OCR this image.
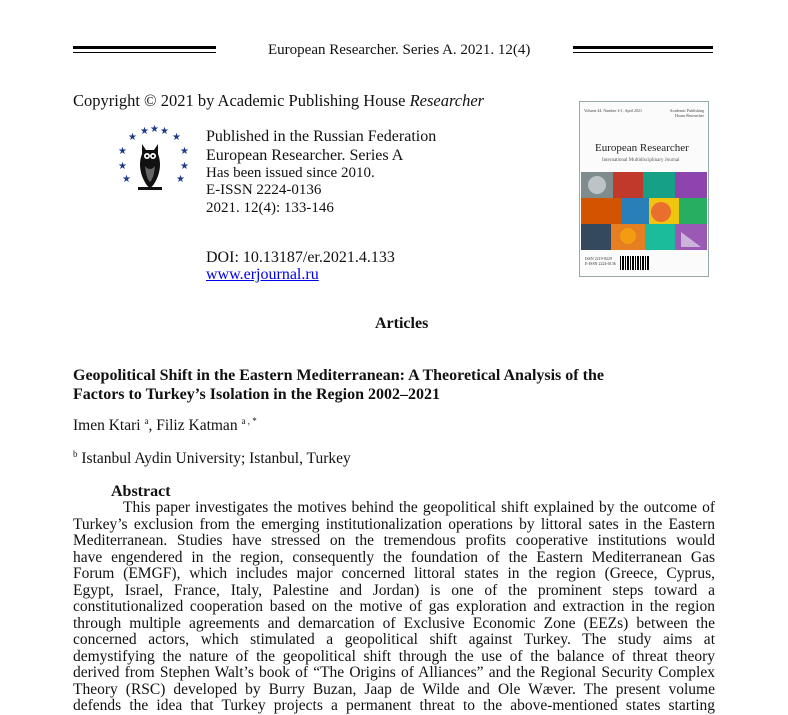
European Researcher. Series A. 2021. 12(4)
Copyright © 2021 by Academic Publishing House Researcher
★ ★ ★
★	★
★	★
★	★
★	★
Published in the Russian Federation
European Researcher. Series A
Has been issued since 2010.
E-ISSN 2224-0136
2021. 12(4): 133-146
Volume 44. Number 4-1, April 2021	Academic Publishing House Researcher
European Researcher
International Multidisciplinary Journal
ISSN 2219-8229
E-ISSN 2224-0136
DOI: 10.13187/er.2021.4.133
www.erjournal.ru
Articles
Geopolitical Shift in the Eastern Mediterranean: A Theoretical Analysis of the
Factors to Turkey’s Isolation in the Region 2002–2021
Imen Ktari $^a$, Filiz Katman $^{a , *}$
$^b$ Istanbul Aydin University; Istanbul, Turkey
Abstract
This paper investigates the motives behind the geopolitical shift explained by the outcome of
Turkey’s exclusion from the emerging institutionalization operations by littoral sates in the Eastern
Mediterranean. Studies have stressed on the tremendous profits cooperative institutions would
have engendered in the region, consequently the foundation of the Eastern Mediterranean Gas
Forum (EMGF), which includes major concerned littoral states in the region (Greece, Cyprus,
Egypt, Israel, France, Italy, Palestine and Jordan) is one of the prominent steps toward a
constitutionalized cooperation based on the motive of gas exploration and extraction in the region
through multiple agreements and demarcation of Exclusive Economic Zone (EEZs) between the
concerned actors, which stimulated a geopolitical shift against Turkey. The study aims at
demystifying the nature of the geopolitical shift through the use of the balance of threat theory
derived from Stephen Walt’s book of “The Origins of Alliances” and the Regional Security Complex
Theory (RSC) developed by Burry Buzan, Jaap de Wilde and Ole Wæver. The present volume
defends the idea that Turkey projects a permanent threat to the above-mentioned states starting
